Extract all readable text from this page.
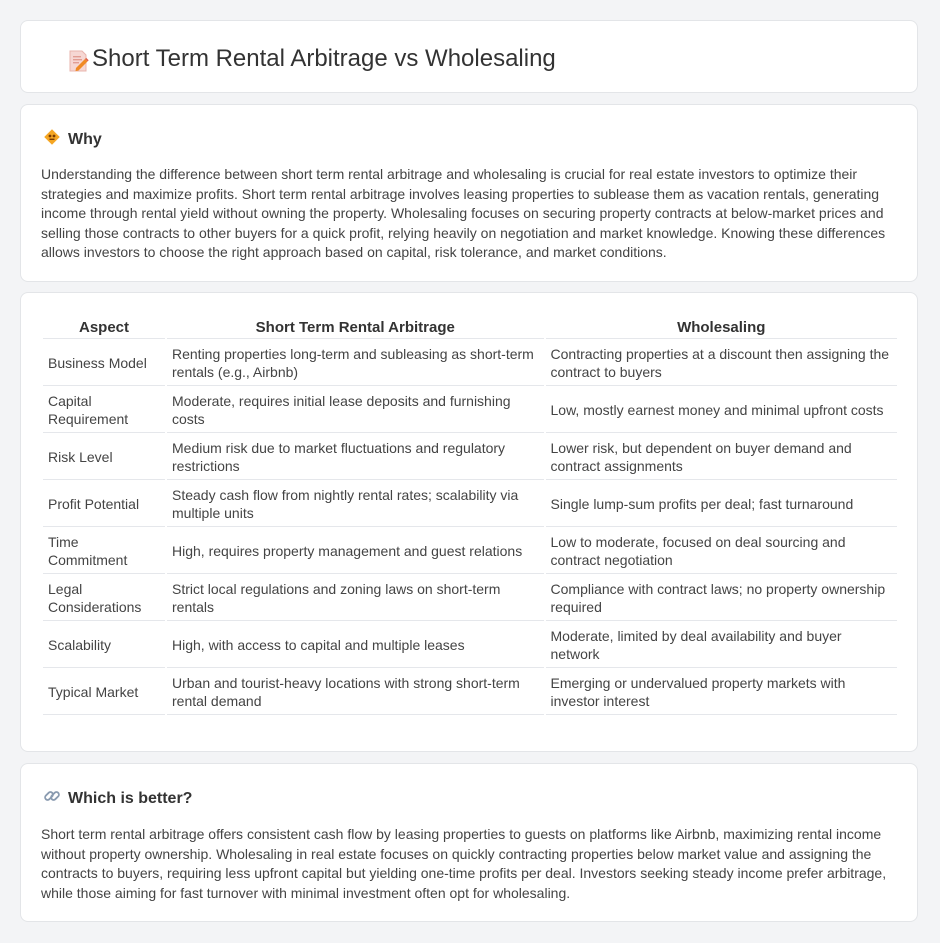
Short Term Rental Arbitrage vs Wholesaling
Why

Understanding the difference between short term rental arbitrage and wholesaling is crucial for real estate investors to optimize their strategies and maximize profits. Short term rental arbitrage involves leasing properties to sublease them as vacation rentals, generating income through rental yield without owning the property. Wholesaling focuses on securing property contracts at below-market prices and selling those contracts to other buyers for a quick profit, relying heavily on negotiation and market knowledge. Knowing these differences allows investors to choose the right approach based on capital, risk tolerance, and market conditions.

Aspect	Short Term Rental Arbitrage	Wholesaling
Business Model	Renting properties long-term and subleasing as short-term rentals (e.g., Airbnb)	Contracting properties at a discount then assigning the contract to buyers
Capital Requirement	Moderate, requires initial lease deposits and furnishing costs	Low, mostly earnest money and minimal upfront costs
Risk Level	Medium risk due to market fluctuations and regulatory restrictions	Lower risk, but dependent on buyer demand and contract assignments
Profit Potential	Steady cash flow from nightly rental rates; scalability via multiple units	Single lump-sum profits per deal; fast turnaround
Time Commitment	High, requires property management and guest relations	Low to moderate, focused on deal sourcing and contract negotiation
Legal Considerations	Strict local regulations and zoning laws on short-term rentals	Compliance with contract laws; no property ownership required
Scalability	High, with access to capital and multiple leases	Moderate, limited by deal availability and buyer network
Typical Market	Urban and tourist-heavy locations with strong short-term rental demand	Emerging or undervalued property markets with investor interest
Which is better?

Short term rental arbitrage offers consistent cash flow by leasing properties to guests on platforms like Airbnb, maximizing rental income without property ownership. Wholesaling in real estate focuses on quickly contracting properties below market value and assigning the contracts to buyers, requiring less upfront capital but yielding one-time profits per deal. Investors seeking steady income prefer arbitrage, while those aiming for fast turnover with minimal investment often opt for wholesaling.
